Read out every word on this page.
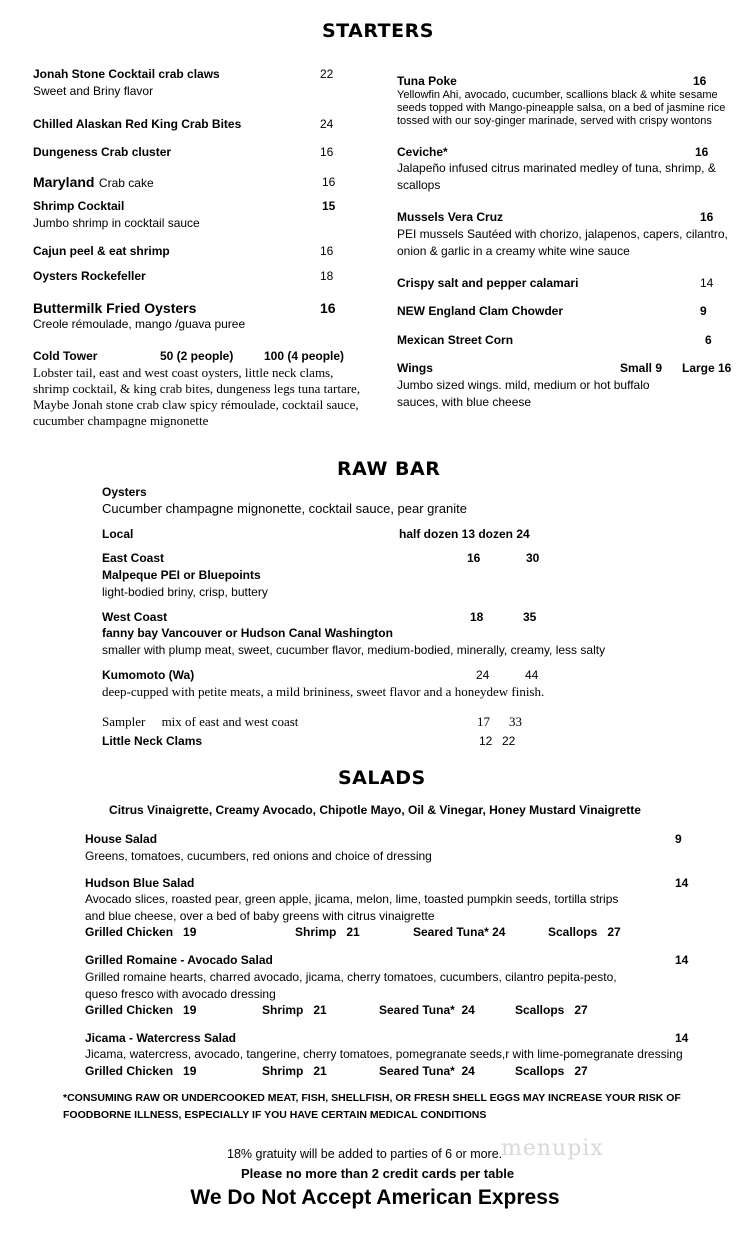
STARTERS
Jonah Stone Cocktail crab claws	22
Sweet and Briny flavor
Chilled Alaskan Red King Crab Bites	24
Dungeness Crab cluster	16
Maryland Crab cake	16
Shrimp Cocktail	15
Jumbo shrimp in cocktail sauce
Cajun peel & eat shrimp	16
Oysters Rockefeller	18
Buttermilk Fried Oysters	16
Creole rémoulade, mango /guava puree
Cold Tower	50 (2 people)	100 (4 people)
Lobster tail, east and west coast oysters, little neck clams,
shrimp cocktail, & king crab bites, dungeness legs tuna tartare,
Maybe Jonah stone crab claw spicy rémoulade, cocktail sauce,
cucumber champagne mignonette
Tuna Poke	16
Yellowfin Ahi, avocado, cucumber, scallions black & white sesame
seeds topped with Mango-pineapple salsa, on a bed of jasmine rice
tossed with our soy-ginger marinade, served with crispy wontons
Ceviche*	16
Jalapeño infused citrus marinated medley of tuna, shrimp, &
scallops
Mussels Vera Cruz	16
PEI mussels Sautéed with chorizo, jalapenos, capers, cilantro,
onion & garlic in a creamy white wine sauce
Crispy salt and pepper calamari	14
NEW England Clam Chowder	9
Mexican Street Corn	6
Wings	Small 9 Large 16
Jumbo sized wings. mild, medium or hot buffalo
sauces, with blue cheese
RAW BAR
Oysters
Cucumber champagne mignonette, cocktail sauce, pear granite
Local	half dozen 13 dozen 24
East Coast	16	30
Malpeque PEI or Bluepoints
light-bodied briny, crisp, buttery
West Coast	18	35
fanny bay Vancouver or Hudson Canal Washington
smaller with plump meat, sweet, cucumber flavor, medium-bodied, minerally, creamy, less salty
Kumomoto (Wa)	24	44
deep-cupped with petite meats, a mild brininess, sweet flavor and a honeydew finish.
Sampler     mix of east and west coast	17 33
Little Neck Clams	12 22
SALADS
Citrus Vinaigrette, Creamy Avocado, Chipotle Mayo, Oil & Vinegar, Honey Mustard Vinaigrette
House Salad	9
Greens, tomatoes, cucumbers, red onions and choice of dressing
Hudson Blue Salad	14
Avocado slices, roasted pear, green apple, jicama, melon, lime, toasted pumpkin seeds, tortilla strips
and blue cheese, over a bed of baby greens with citrus vinaigrette
Grilled Chicken   19	Shrimp   21	Seared Tuna* 24	Scallops   27
Grilled Romaine - Avocado Salad	14
Grilled romaine hearts, charred avocado, jicama, cherry tomatoes, cucumbers, cilantro pepita-pesto,
queso fresco with avocado dressing
Grilled Chicken   19	Shrimp   21	Seared Tuna*  24	Scallops   27
Jicama - Watercress Salad	14
Jicama, watercress, avocado, tangerine, cherry tomatoes, pomegranate seeds,r with lime-pomegranate dressing
Grilled Chicken   19	Shrimp   21	Seared Tuna*  24	Scallops   27
*CONSUMING RAW OR UNDERCOOKED MEAT, FISH, SHELLFISH, OR FRESH SHELL EGGS MAY INCREASE YOUR RISK OF
FOODBORNE ILLNESS, ESPECIALLY IF YOU HAVE CERTAIN MEDICAL CONDITIONS
18% gratuity will be added to parties of 6 or more.
menupix
Please no more than 2 credit cards per table
We Do Not Accept American Express
